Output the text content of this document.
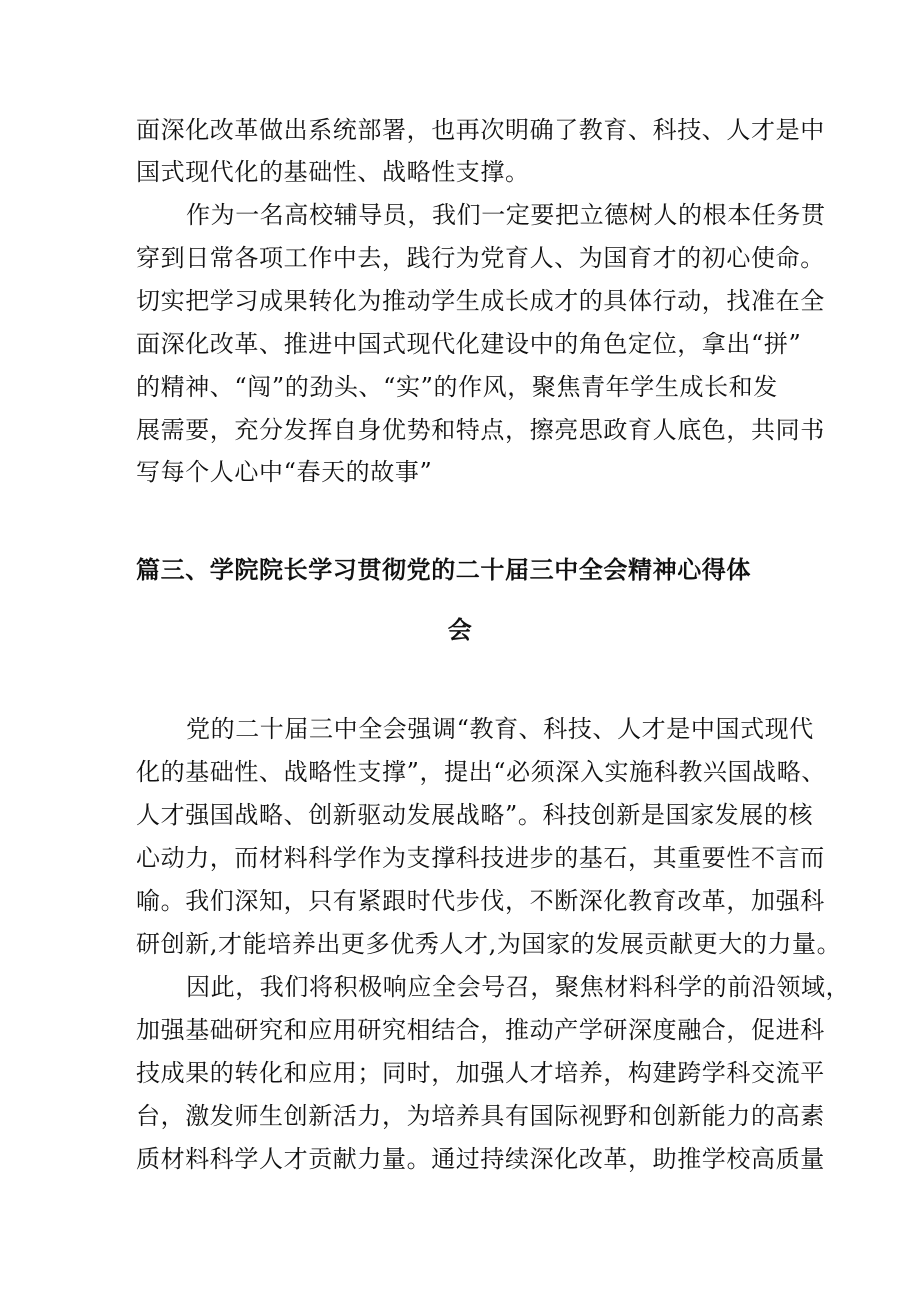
面深化改革做出系统部署，也再次明确了教育、科技、人才是中
国式现代化的基础性、战略性支撑。
作为一名高校辅导员，我们一定要把立德树人的根本任务贯
穿到日常各项工作中去，践行为党育人、为国育才的初心使命。
切实把学习成果转化为推动学生成长成才的具体行动，找准在全
面深化改革、推进中国式现代化建设中的角色定位，拿出“拼”
的精神、“闯”的劲头、“实”的作风，聚焦青年学生成长和发
展需要，充分发挥自身优势和特点，擦亮思政育人底色，共同书
写每个人心中“春天的故事”
篇三、学院院长学习贯彻党的二十届三中全会精神心得体
会
党的二十届三中全会强调“教育、科技、人才是中国式现代
化的基础性、战略性支撑”，提出“必须深入实施科教兴国战略、
人才强国战略、创新驱动发展战略”。科技创新是国家发展的核
心动力，而材料科学作为支撑科技进步的基石，其重要性不言而
喻。我们深知，只有紧跟时代步伐，不断深化教育改革，加强科
研创新,才能培养出更多优秀人才,为国家的发展贡献更大的力量。
因此，我们将积极响应全会号召，聚焦材料科学的前沿领域，
加强基础研究和应用研究相结合，推动产学研深度融合，促进科
技成果的转化和应用；同时，加强人才培养，构建跨学科交流平
台，激发师生创新活力，为培养具有国际视野和创新能力的高素
质材料科学人才贡献力量。通过持续深化改革，助推学校高质量
